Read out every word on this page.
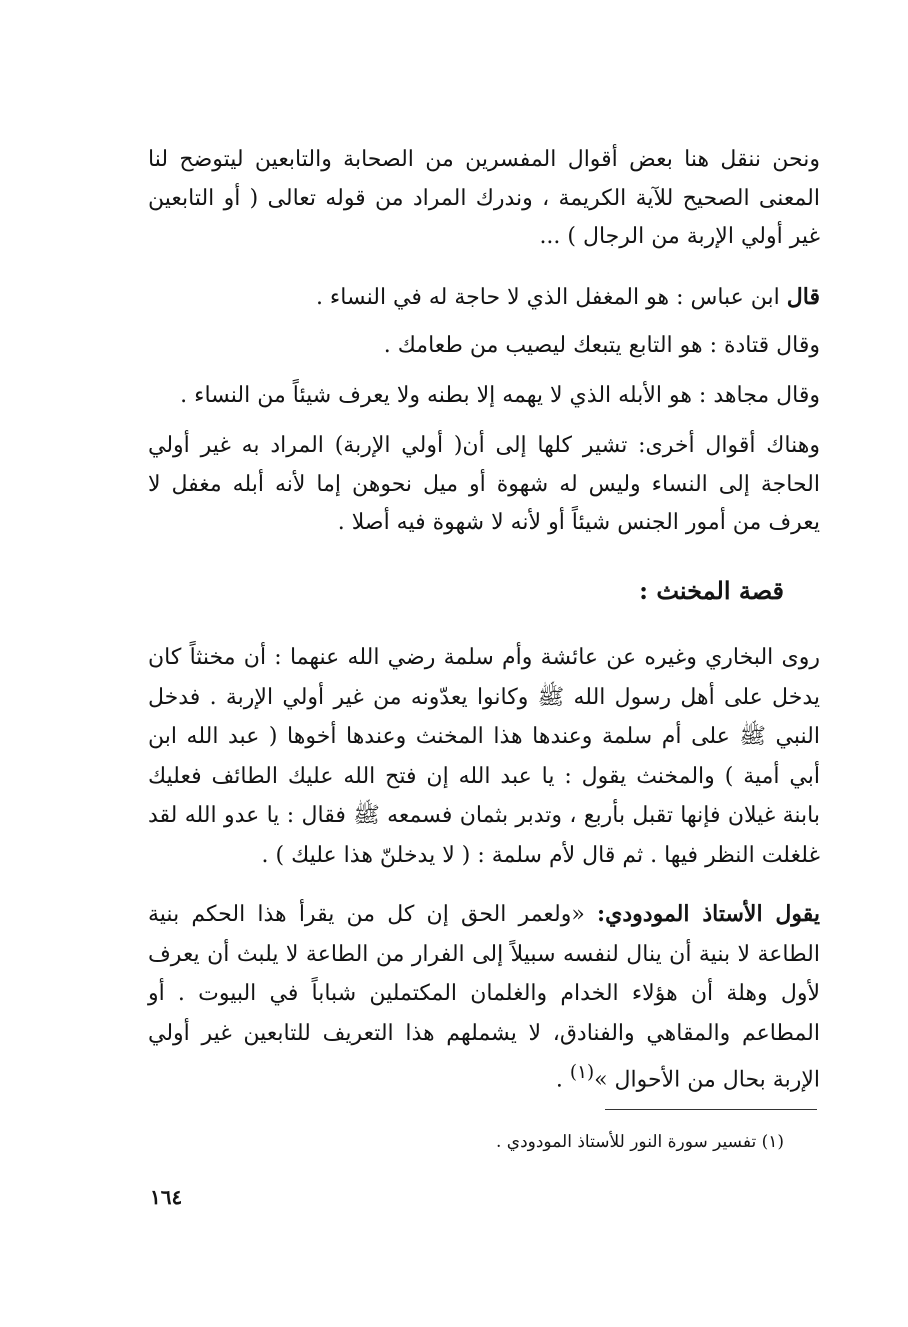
ونحن ننقل هنا بعض أقوال المفسرين من الصحابة والتابعين ليتوضح لنا المعنى الصحيح للآية الكريمة ، وندرك المراد من قوله تعالى ( أو التابعين غير أولي الإربة من الرجال ) ...

قال ابن عباس : هو المغفل الذي لا حاجة له في النساء .

وقال قتادة : هو التابع يتبعك ليصيب من طعامك .

وقال مجاهد : هو الأبله الذي لا يهمه إلا بطنه ولا يعرف شيئاً من النساء .

وهناك أقوال أخرى: تشير كلها إلى أن( أولي الإربة) المراد به غير أولي الحاجة إلى النساء وليس له شهوة أو ميل نحوهن إما لأنه أبله مغفل لا يعرف من أمور الجنس شيئاً أو لأنه لا شهوة فيه أصلا .

قصة المخنث :

روى البخاري وغيره عن عائشة وأم سلمة رضي الله عنهما : أن مخنثاً كان يدخل على أهل رسول الله ﷺ وكانوا يعدّونه من غير أولي الإربة . فدخل النبي ﷺ على أم سلمة وعندها هذا المخنث وعندها أخوها ( عبد الله ابن أبي أمية ) والمخنث يقول : يا عبد الله إن فتح الله عليك الطائف فعليك بابنة غيلان فإنها تقبل بأربع ، وتدبر بثمان فسمعه ﷺ فقال : يا عدو الله لقد غلغلت النظر فيها . ثم قال لأم سلمة : ( لا يدخلنّ هذا عليك ) .

يقول الأستاذ المودودي: «ولعمر الحق إن كل من يقرأ هذا الحكم بنية الطاعة لا بنية أن ينال لنفسه سبيلاً إلى الفرار من الطاعة لا يلبث أن يعرف لأول وهلة أن هؤلاء الخدام والغلمان المكتملين شباباً في البيوت . أو المطاعم والمقاهي والفنادق، لا يشملهم هذا التعريف للتابعين غير أولي الإربة بحال من الأحوال »$^{(١)}$ .

(١) تفسير سورة النور للأستاذ المودودي .
١٦٤
